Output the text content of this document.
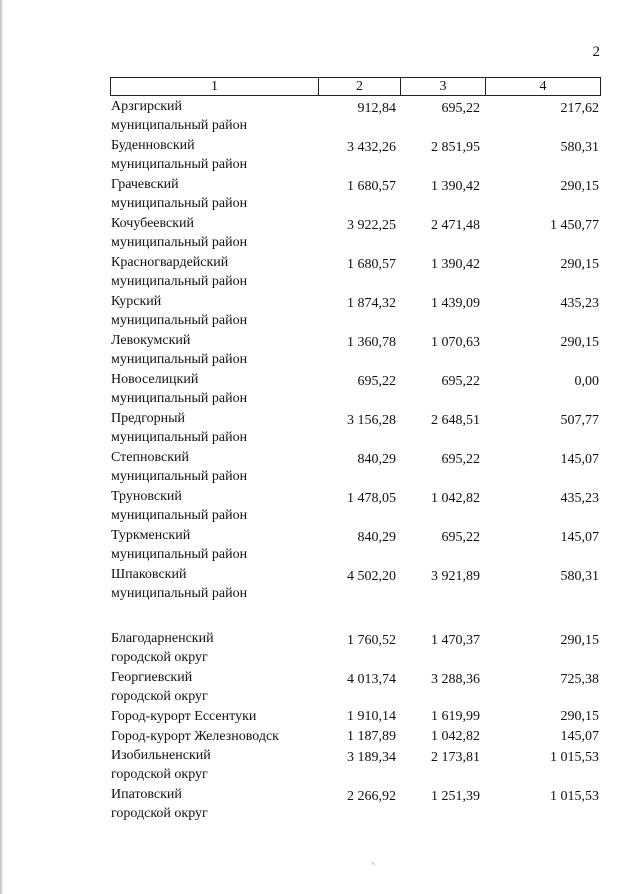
2
1	2	3	4
Арзгирский
муниципальный район
912,84	695,22	217,62
Буденновский
муниципальный район
3 432,26	2 851,95	580,31
Грачевский
муниципальный район
1 680,57	1 390,42	290,15
Кочубеевский
муниципальный район
3 922,25	2 471,48	1 450,77
Красногвардейский
муниципальный район
1 680,57	1 390,42	290,15
Курский
муниципальный район
1 874,32	1 439,09	435,23
Левокумский
муниципальный район
1 360,78	1 070,63	290,15
Новоселицкий
муниципальный район
695,22	695,22	0,00
Предгорный
муниципальный район
3 156,28	2 648,51	507,77
Степновский
муниципальный район
840,29	695,22	145,07
Труновский
муниципальный район
1 478,05	1 042,82	435,23
Туркменский
муниципальный район
840,29	695,22	145,07
Шпаковский
муниципальный район
4 502,20	3 921,89	580,31
Благодарненский
городской округ
1 760,52	1 470,37	290,15
Георгиевский
городской округ
4 013,74	3 288,36	725,38
Город-курорт Ессентуки	1 910,14	1 619,99	290,15
Город-курорт Железноводск	1 187,89	1 042,82	145,07
Изобильненский
городской округ
3 189,34	2 173,81	1 015,53
Ипатовский
городской округ
2 266,92	1 251,39	1 015,53
⸌
